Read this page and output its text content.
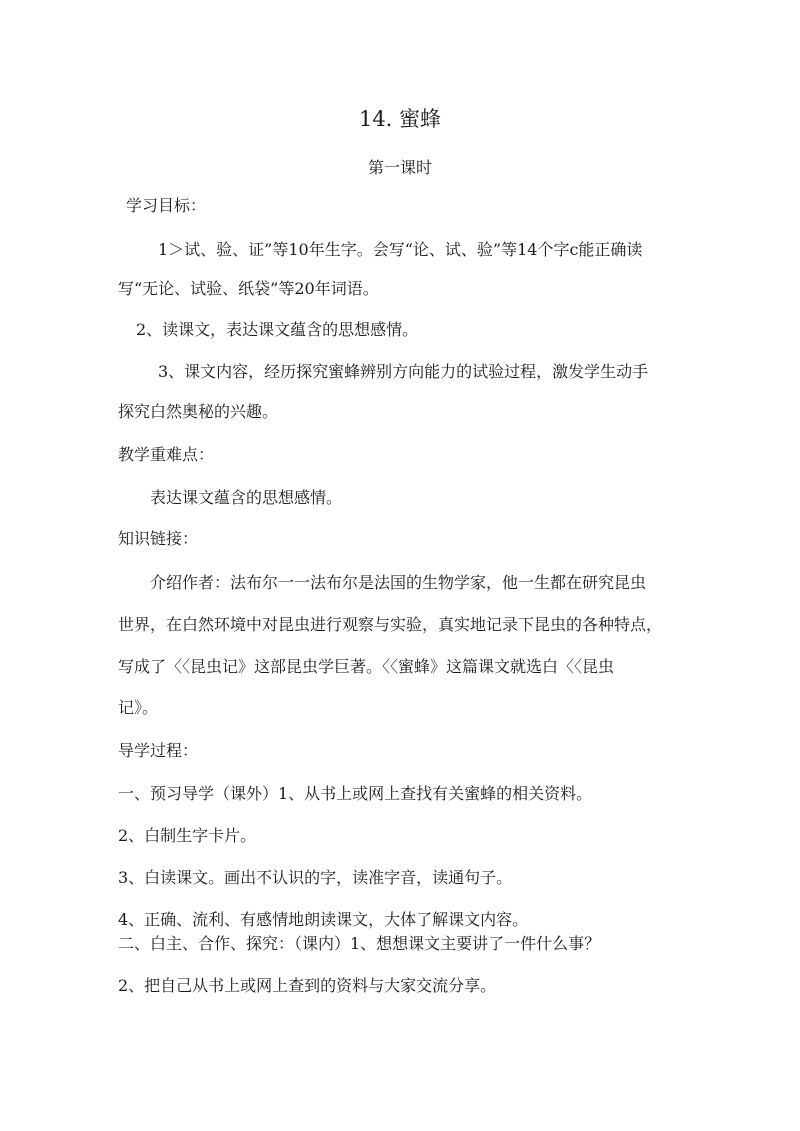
14. 蜜蜂
第一课时
学习目标：
1＞试、验、证”等10年生字。会写“论、试、验”等14个字c能正确读
写“无论、试验、纸袋”等20年词语。
2、读课文，表达课文蕴含的思想感情。
3、课文内容，经历探究蜜蜂辨别方向能力的试验过程，激发学生动手
探究白然奥秘的兴趣。
教学重难点：
表达课文蕴含的思想感情。
知识链接：
介绍作者：法布尔一一法布尔是法国的生物学家，他一生都在研究昆虫
世界，在白然环境中对昆虫进行观察与实验，真实地记录下昆虫的各种特点，
写成了〈〈昆虫记》这部昆虫学巨著。〈〈蜜蜂》这篇课文就选白〈〈昆虫
记》。
导学过程：
一、预习导学（课外）1、从书上或网上查找有关蜜蜂的相关资料。
2、白制生字卡片。
3、白读课文。画出不认识的字，读准字音，读通句子。
4、正确、流利、有感情地朗读课文，大体了解课文内容。
二、白主、合作、探究：（课内）1、想想课文主要讲了一件什么事？
2、把自己从书上或网上查到的资料与大家交流分享。
